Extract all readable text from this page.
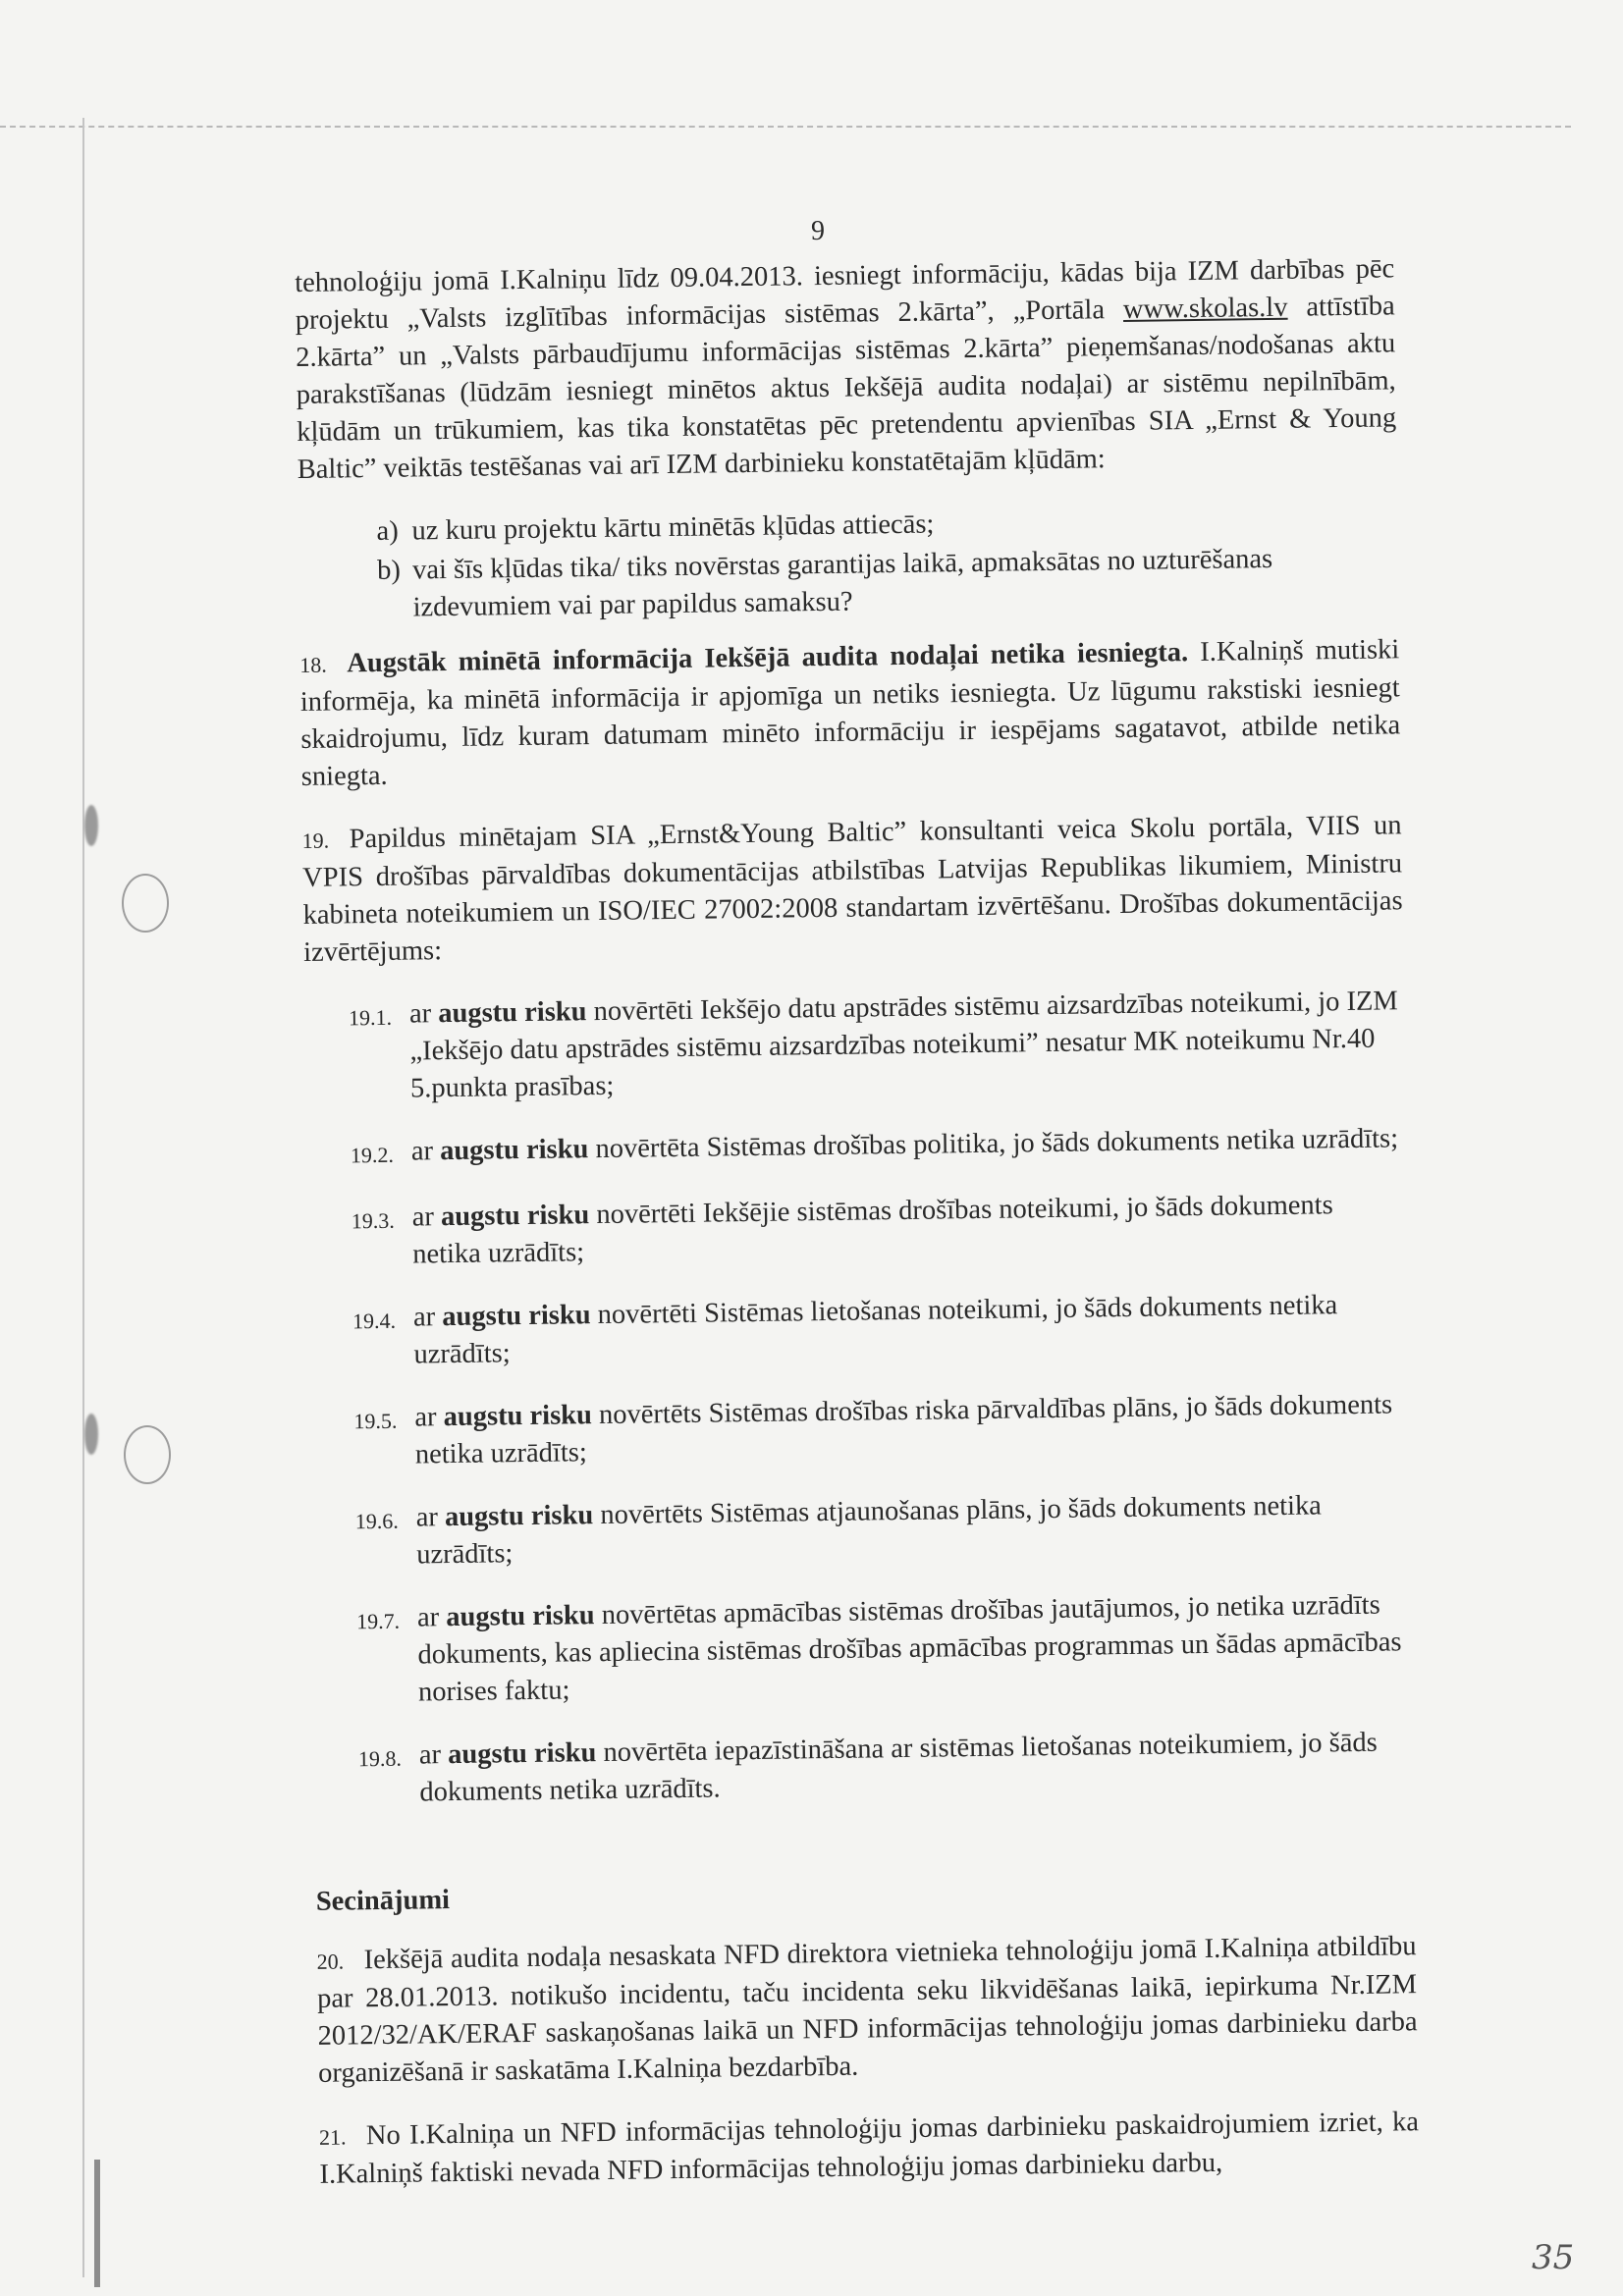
9

tehnoloģiju jomā I.Kalniņu līdz 09.04.2013. iesniegt informāciju, kādas bija IZM darbības pēc projektu „Valsts izglītības informācijas sistēmas 2.kārta”, „Portāla www.skolas.lv attīstība 2.kārta” un „Valsts pārbaudījumu informācijas sistēmas 2.kārta” pieņemšanas/nodošanas aktu parakstīšanas (lūdzām iesniegt minētos aktus Iekšējā audita nodaļai) ar sistēmu nepilnībām, kļūdām un trūkumiem, kas tika konstatētas pēc pretendentu apvienības SIA „Ernst & Young Baltic” veiktās testēšanas vai arī IZM darbinieku konstatētajām kļūdām:

a) uz kuru projektu kārtu minētās kļūdas attiecās;
b) vai šīs kļūdas tika/ tiks novērstas garantijas laikā, apmaksātas no uzturēšanas izdevumiem vai par papildus samaksu?

18. Augstāk minētā informācija Iekšējā audita nodaļai netika iesniegta. I.Kalniņš mutiski informēja, ka minētā informācija ir apjomīga un netiks iesniegta. Uz lūgumu rakstiski iesniegt skaidrojumu, līdz kuram datumam minēto informāciju ir iespējams sagatavot, atbilde netika sniegta.

19. Papildus minētajam SIA „Ernst&Young Baltic” konsultanti veica Skolu portāla, VIIS un VPIS drošības pārvaldības dokumentācijas atbilstības Latvijas Republikas likumiem, Ministru kabineta noteikumiem un ISO/IEC 27002:2008 standartam izvērtēšanu. Drošības dokumentācijas izvērtējums:

19.1. ar augstu risku novērtēti Iekšējo datu apstrādes sistēmu aizsardzības noteikumi, jo IZM „Iekšējo datu apstrādes sistēmu aizsardzības noteikumi” nesatur MK noteikumu Nr.40 5.punkta prasības;
19.2. ar augstu risku novērtēta Sistēmas drošības politika, jo šāds dokuments netika uzrādīts;
19.3. ar augstu risku novērtēti Iekšējie sistēmas drošības noteikumi, jo šāds dokuments netika uzrādīts;
19.4. ar augstu risku novērtēti Sistēmas lietošanas noteikumi, jo šāds dokuments netika uzrādīts;
19.5. ar augstu risku novērtēts Sistēmas drošības riska pārvaldības plāns, jo šāds dokuments netika uzrādīts;
19.6. ar augstu risku novērtēts Sistēmas atjaunošanas plāns, jo šāds dokuments netika uzrādīts;
19.7. ar augstu risku novērtētas apmācības sistēmas drošības jautājumos, jo netika uzrādīts dokuments, kas apliecina sistēmas drošības apmācības programmas un šādas apmācības norises faktu;
19.8. ar augstu risku novērtēta iepazīstināšana ar sistēmas lietošanas noteikumiem, jo šāds dokuments netika uzrādīts.
Secinājumi

20. Iekšējā audita nodaļa nesaskata NFD direktora vietnieka tehnoloģiju jomā I.Kalniņa atbildību par 28.01.2013. notikušo incidentu, taču incidenta seku likvidēšanas laikā, iepirkuma Nr.IZM 2012/32/AK/ERAF saskaņošanas laikā un NFD informācijas tehnoloģiju jomas darbinieku darba organizēšanā ir saskatāma I.Kalniņa bezdarbība.

21. No I.Kalniņa un NFD informācijas tehnoloģiju jomas darbinieku paskaidrojumiem izriet, ka I.Kalniņš faktiski nevada NFD informācijas tehnoloģiju jomas darbinieku darbu,

35
